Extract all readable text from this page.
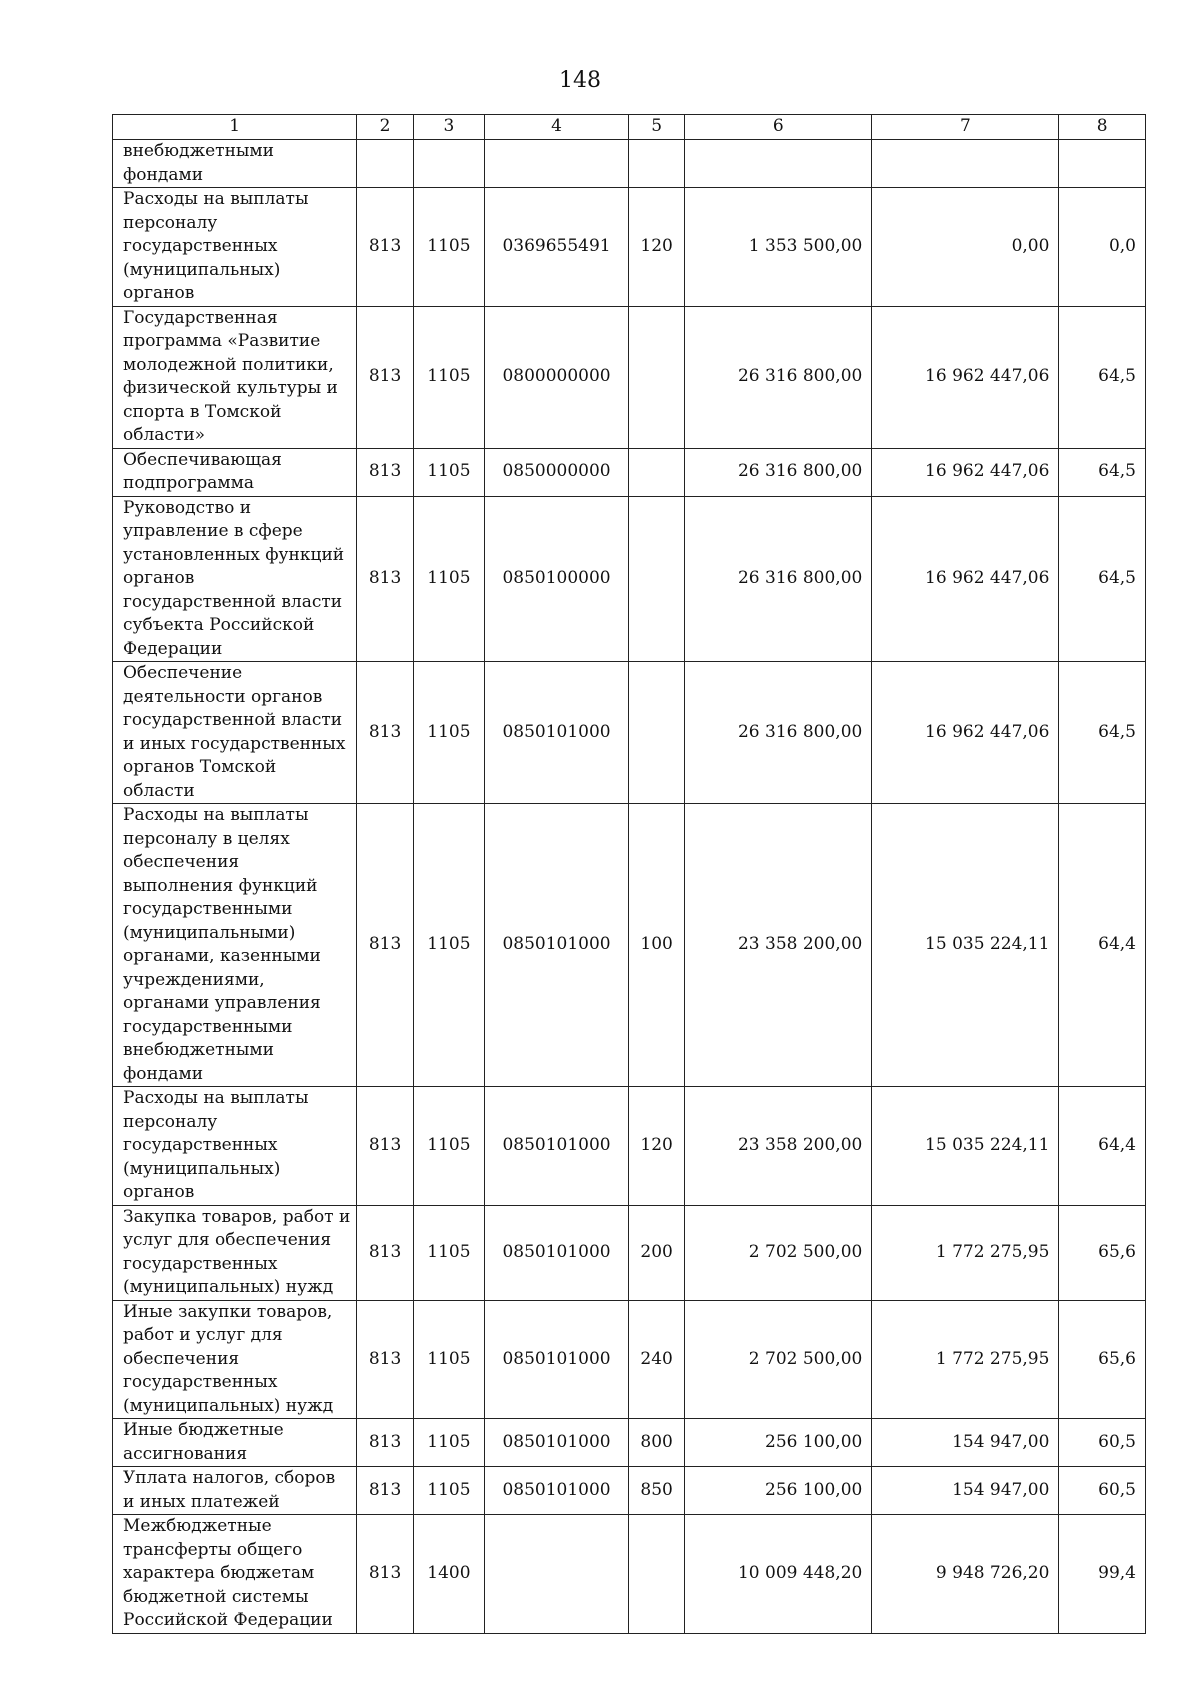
148
1	2	3	4	5	6	7	8
внебюджетными фондами							
Расходы на выплаты персоналу государственных (муниципальных) органов	813	1105	0369655491	120	1 353 500,00	0,00	0,0
Государственная программа «Развитие молодежной политики, физической культуры и спорта в Томской области»	813	1105	0800000000		26 316 800,00	16 962 447,06	64,5
Обеспечивающая подпрограмма	813	1105	0850000000		26 316 800,00	16 962 447,06	64,5
Руководство и управление в сфере установленных функций органов государственной власти субъекта Российской Федерации	813	1105	0850100000		26 316 800,00	16 962 447,06	64,5
Обеспечение деятельности органов государственной власти и иных государственных органов Томской области	813	1105	0850101000		26 316 800,00	16 962 447,06	64,5
Расходы на выплаты персоналу в целях обеспечения выполнения функций государственными (муниципальными) органами, казенными учреждениями, органами управления государственными внебюджетными фондами	813	1105	0850101000	100	23 358 200,00	15 035 224,11	64,4
Расходы на выплаты персоналу государственных (муниципальных) органов	813	1105	0850101000	120	23 358 200,00	15 035 224,11	64,4
Закупка товаров, работ и услуг для обеспечения государственных (муниципальных) нужд	813	1105	0850101000	200	2 702 500,00	1 772 275,95	65,6
Иные закупки товаров, работ и услуг для обеспечения государственных (муниципальных) нужд	813	1105	0850101000	240	2 702 500,00	1 772 275,95	65,6
Иные бюджетные ассигнования	813	1105	0850101000	800	256 100,00	154 947,00	60,5
Уплата налогов, сборов и иных платежей	813	1105	0850101000	850	256 100,00	154 947,00	60,5
Межбюджетные трансферты общего характера бюджетам бюджетной системы Российской Федерации	813	1400			10 009 448,20	9 948 726,20	99,4
